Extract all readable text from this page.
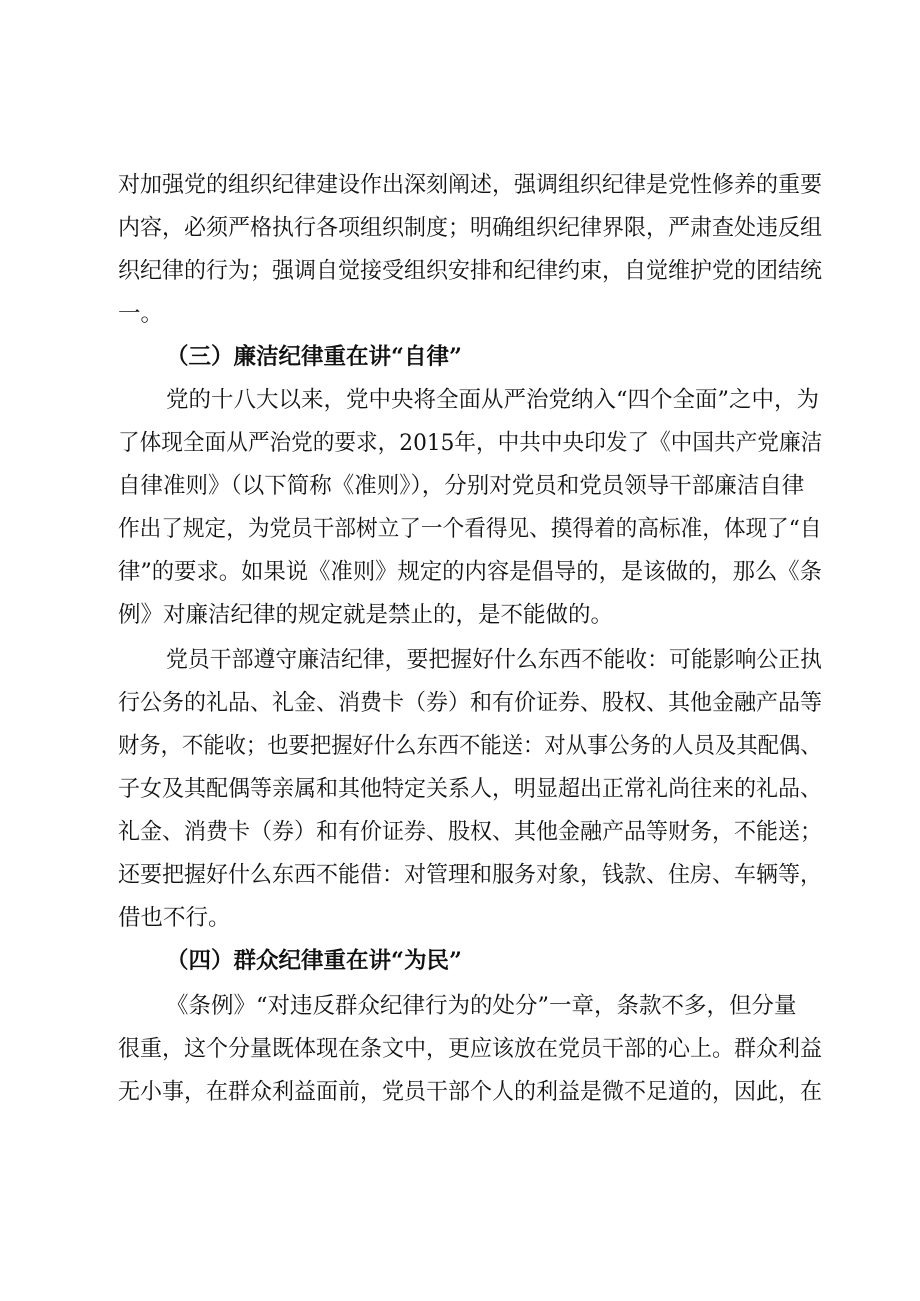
对加强党的组织纪律建设作出深刻阐述，强调组织纪律是党性修养的重要
内容，必须严格执行各项组织制度；明确组织纪律界限，严肃查处违反组
织纪律的行为；强调自觉接受组织安排和纪律约束，自觉维护党的团结统
一。
（三）廉洁纪律重在讲“自律”
党的十八大以来，党中央将全面从严治党纳入“四个全面”之中，为
了体现全面从严治党的要求，2015年，中共中央印发了《中国共产党廉洁
自律准则》（以下简称《准则》），分别对党员和党员领导干部廉洁自律
作出了规定，为党员干部树立了一个看得见、摸得着的高标准，体现了“自
律”的要求。如果说《准则》规定的内容是倡导的，是该做的，那么《条
例》对廉洁纪律的规定就是禁止的，是不能做的。
党员干部遵守廉洁纪律，要把握好什么东西不能收：可能影响公正执
行公务的礼品、礼金、消费卡（券）和有价证券、股权、其他金融产品等
财务，不能收；也要把握好什么东西不能送：对从事公务的人员及其配偶、
子女及其配偶等亲属和其他特定关系人，明显超出正常礼尚往来的礼品、
礼金、消费卡（券）和有价证券、股权、其他金融产品等财务，不能送；
还要把握好什么东西不能借：对管理和服务对象，钱款、住房、车辆等，
借也不行。
（四）群众纪律重在讲“为民”
《条例》“对违反群众纪律行为的处分”一章，条款不多，但分量
很重，这个分量既体现在条文中，更应该放在党员干部的心上。群众利益
无小事，在群众利益面前，党员干部个人的利益是微不足道的，因此，在
